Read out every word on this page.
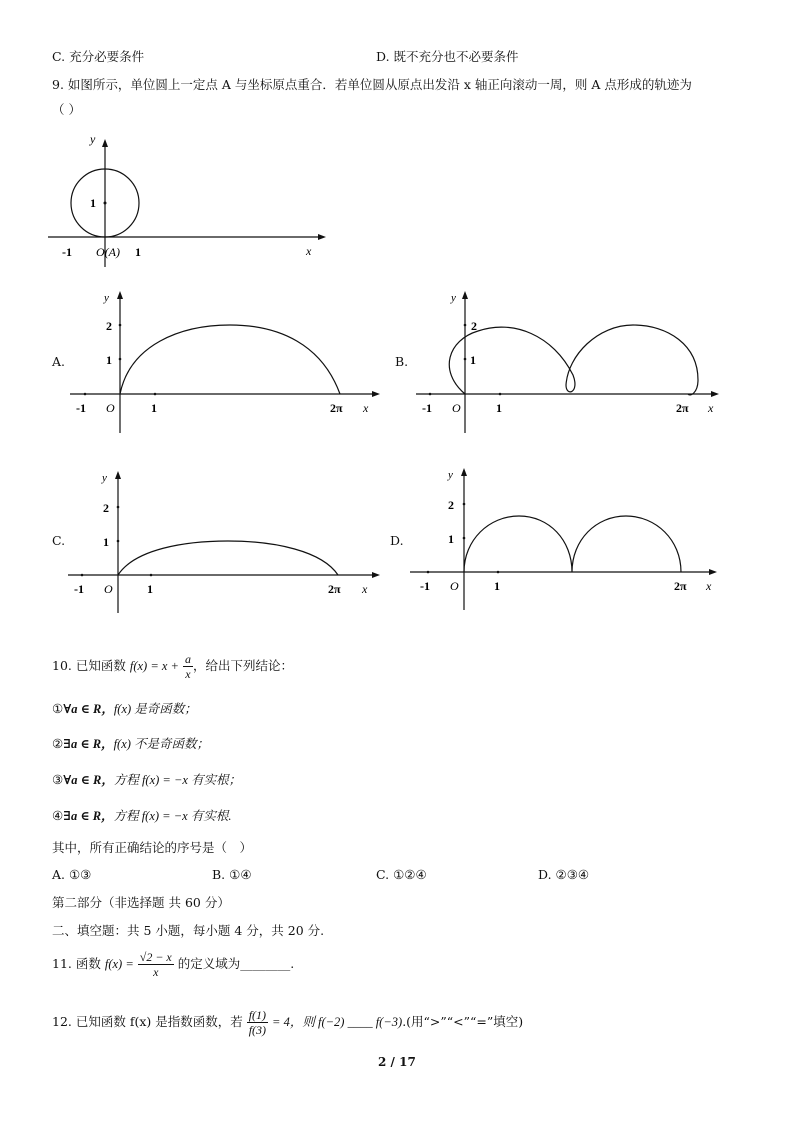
C. 充分必要条件	D. 既不充分也不必要条件
9. 如图所示，单位圆上一定点 A 与坐标原点重合．若单位圆从原点出发沿 x 轴正向滚动一周，则 A 点形成的轨迹为
（ ）
y
x
1
-1	1
O(A)
A.	B.
C.	D.
y
x
2
1
-1 O	1	2π
y
x
2
1
-1 O	1	2π
y
x
2
1
-1 O	1	2π
y
x
2
1
-1 O	1	2π
10. 已知函数 $f(x) = x + \frac{a}{x}$ ，给出下列结论：
①∀a ∈ R，f(x) 是奇函数；
②∃a ∈ R，f(x) 不是奇函数；
③∀a ∈ R，方程 f(x) = −x 有实根；
④∃a ∈ R，方程 f(x) = −x 有实根.
其中，所有正确结论的序号是（　）
A. ①③	B. ①④	C. ①②④	D. ②③④
第二部分（非选择题 共 60 分）
二、填空题：共 5 小题，每小题 4 分，共 20 分.
11. 函数 $f(x) = \frac{√2 - x}{x}$ 的定义域为________.
12. 已知函数 f(x) 是指数函数，若 $\frac{f(1)}{f(3)} = 4$，则 f(−2) ____ f(−3).(用“>”“<”“=”填空)
2 / 17
